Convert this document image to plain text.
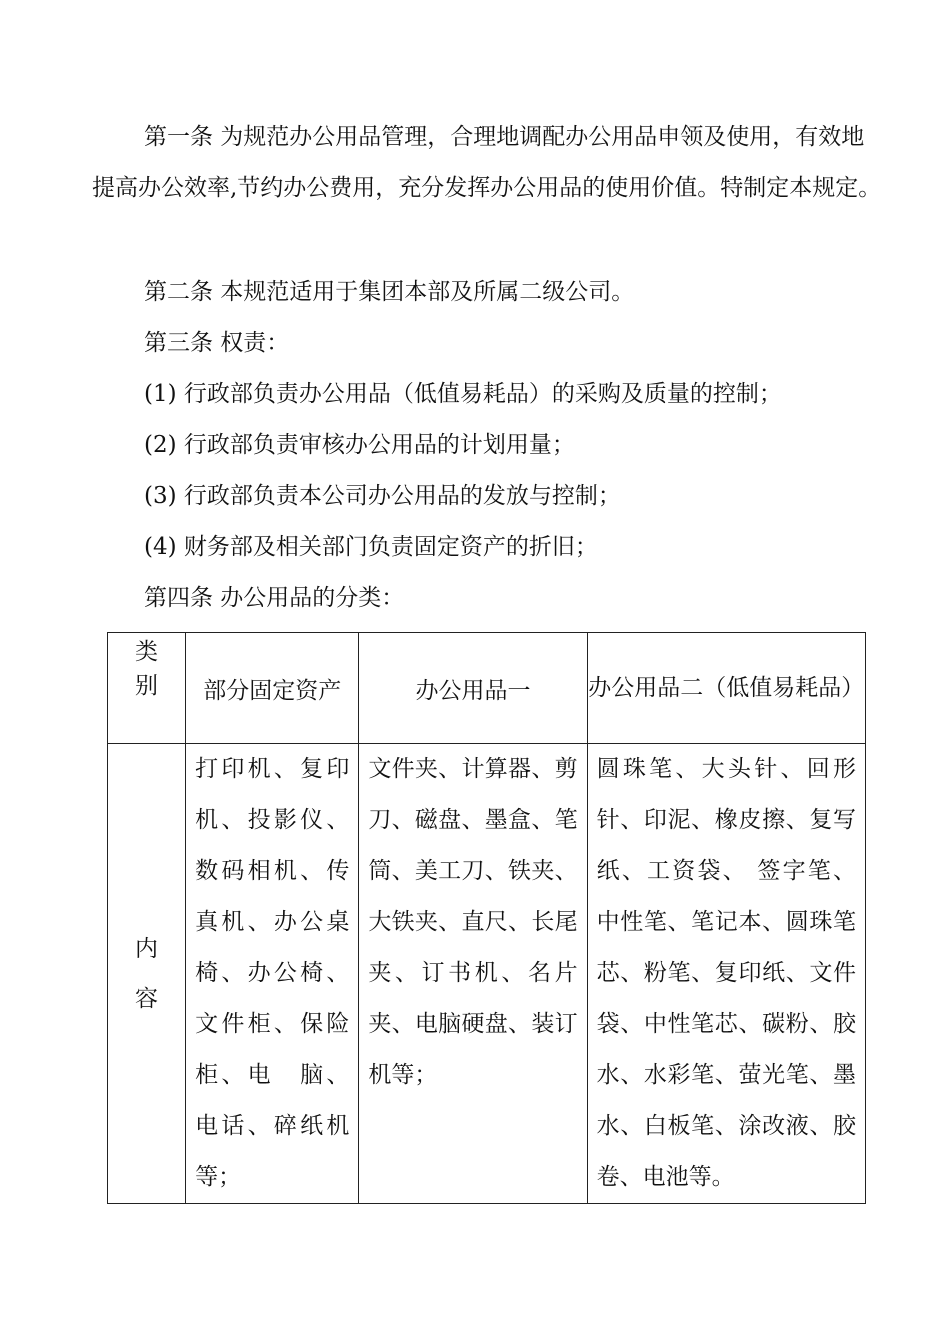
第一条 为规范办公用品管理，合理地调配办公用品申领及使用，有效地提高办公效率,节约办公费用，充分发挥办公用品的使用价值。特制定本规定。
第二条 本规范适用于集团本部及所属二级公司。
第三条 权责：
(1) 行政部负责办公用品（低值易耗品）的采购及质量的控制；
(2) 行政部负责审核办公用品的计划用量；
(3) 行政部负责本公司办公用品的发放与控制；
(4) 财务部及相关部门负责固定资产的折旧；
第四条 办公用品的分类：
类
别	部分固定资产	办公用品一	办公用品二（低值易耗品）

内
容	打印机、复印机、投影仪、数码相机、传真机、办公桌椅、办公椅、文件柜、保险柜、电　脑、电话、碎纸机等；	文件夹、计算器、剪刀、磁盘、墨盒、笔筒、美工刀、铁夹、大铁夹、直尺、长尾夹、订书机、名片夹、电脑硬盘、装订机等；	圆珠笔、大头针、回形针、印泥、橡皮擦、复写纸、工资袋、 签字笔、中性笔、笔记本、圆珠笔芯、粉笔、复印纸、文件袋、中性笔芯、碳粉、胶水、水彩笔、萤光笔、墨水、白板笔、涂改液、胶卷、电池等。
